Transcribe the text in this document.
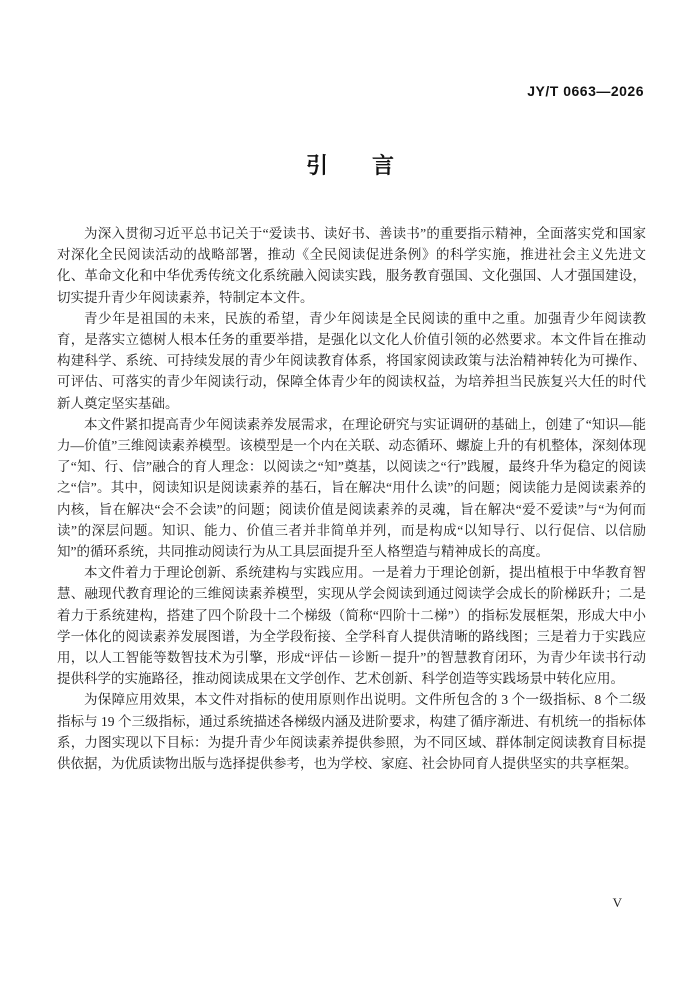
JY/T 0663—2026
引　　言

为深入贯彻习近平总书记关于“爱读书、读好书、善读书”的重要指示精神，全面落实党和国家对深化全民阅读活动的战略部署，推动《全民阅读促进条例》的科学实施，推进社会主义先进文化、革命文化和中华优秀传统文化系统融入阅读实践，服务教育强国、文化强国、人才强国建设，切实提升青少年阅读素养，特制定本文件。

青少年是祖国的未来，民族的希望，青少年阅读是全民阅读的重中之重。加强青少年阅读教育，是落实立德树人根本任务的重要举措，是强化以文化人价值引领的必然要求。本文件旨在推动构建科学、系统、可持续发展的青少年阅读教育体系，将国家阅读政策与法治精神转化为可操作、可评估、可落实的青少年阅读行动，保障全体青少年的阅读权益，为培养担当民族复兴大任的时代新人奠定坚实基础。

本文件紧扣提高青少年阅读素养发展需求，在理论研究与实证调研的基础上，创建了“知识—能力—价值”三维阅读素养模型。该模型是一个内在关联、动态循环、螺旋上升的有机整体，深刻体现了“知、行、信”融合的育人理念：以阅读之“知”奠基，以阅读之“行”践履，最终升华为稳定的阅读之“信”。其中，阅读知识是阅读素养的基石，旨在解决“用什么读”的问题；阅读能力是阅读素养的内核，旨在解决“会不会读”的问题；阅读价值是阅读素养的灵魂，旨在解决“爱不爱读”与“为何而读”的深层问题。知识、能力、价值三者并非简单并列，而是构成“以知导行、以行促信、以信励知”的循环系统，共同推动阅读行为从工具层面提升至人格塑造与精神成长的高度。

本文件着力于理论创新、系统建构与实践应用。一是着力于理论创新，提出植根于中华教育智慧、融现代教育理论的三维阅读素养模型，实现从学会阅读到通过阅读学会成长的阶梯跃升；二是着力于系统建构，搭建了四个阶段十二个梯级（简称“四阶十二梯”）的指标发展框架，形成大中小学一体化的阅读素养发展图谱，为全学段衔接、全学科育人提供清晰的路线图；三是着力于实践应用，以人工智能等数智技术为引擎，形成“评估－诊断－提升”的智慧教育闭环，为青少年读书行动提供科学的实施路径，推动阅读成果在文学创作、艺术创新、科学创造等实践场景中转化应用。

为保障应用效果，本文件对指标的使用原则作出说明。文件所包含的 3 个一级指标、8 个二级指标与 19 个三级指标，通过系统描述各梯级内涵及进阶要求，构建了循序渐进、有机统一的指标体系，力图实现以下目标：为提升青少年阅读素养提供参照，为不同区域、群体制定阅读教育目标提供依据，为优质读物出版与选择提供参考，也为学校、家庭、社会协同育人提供坚实的共享框架。

V
